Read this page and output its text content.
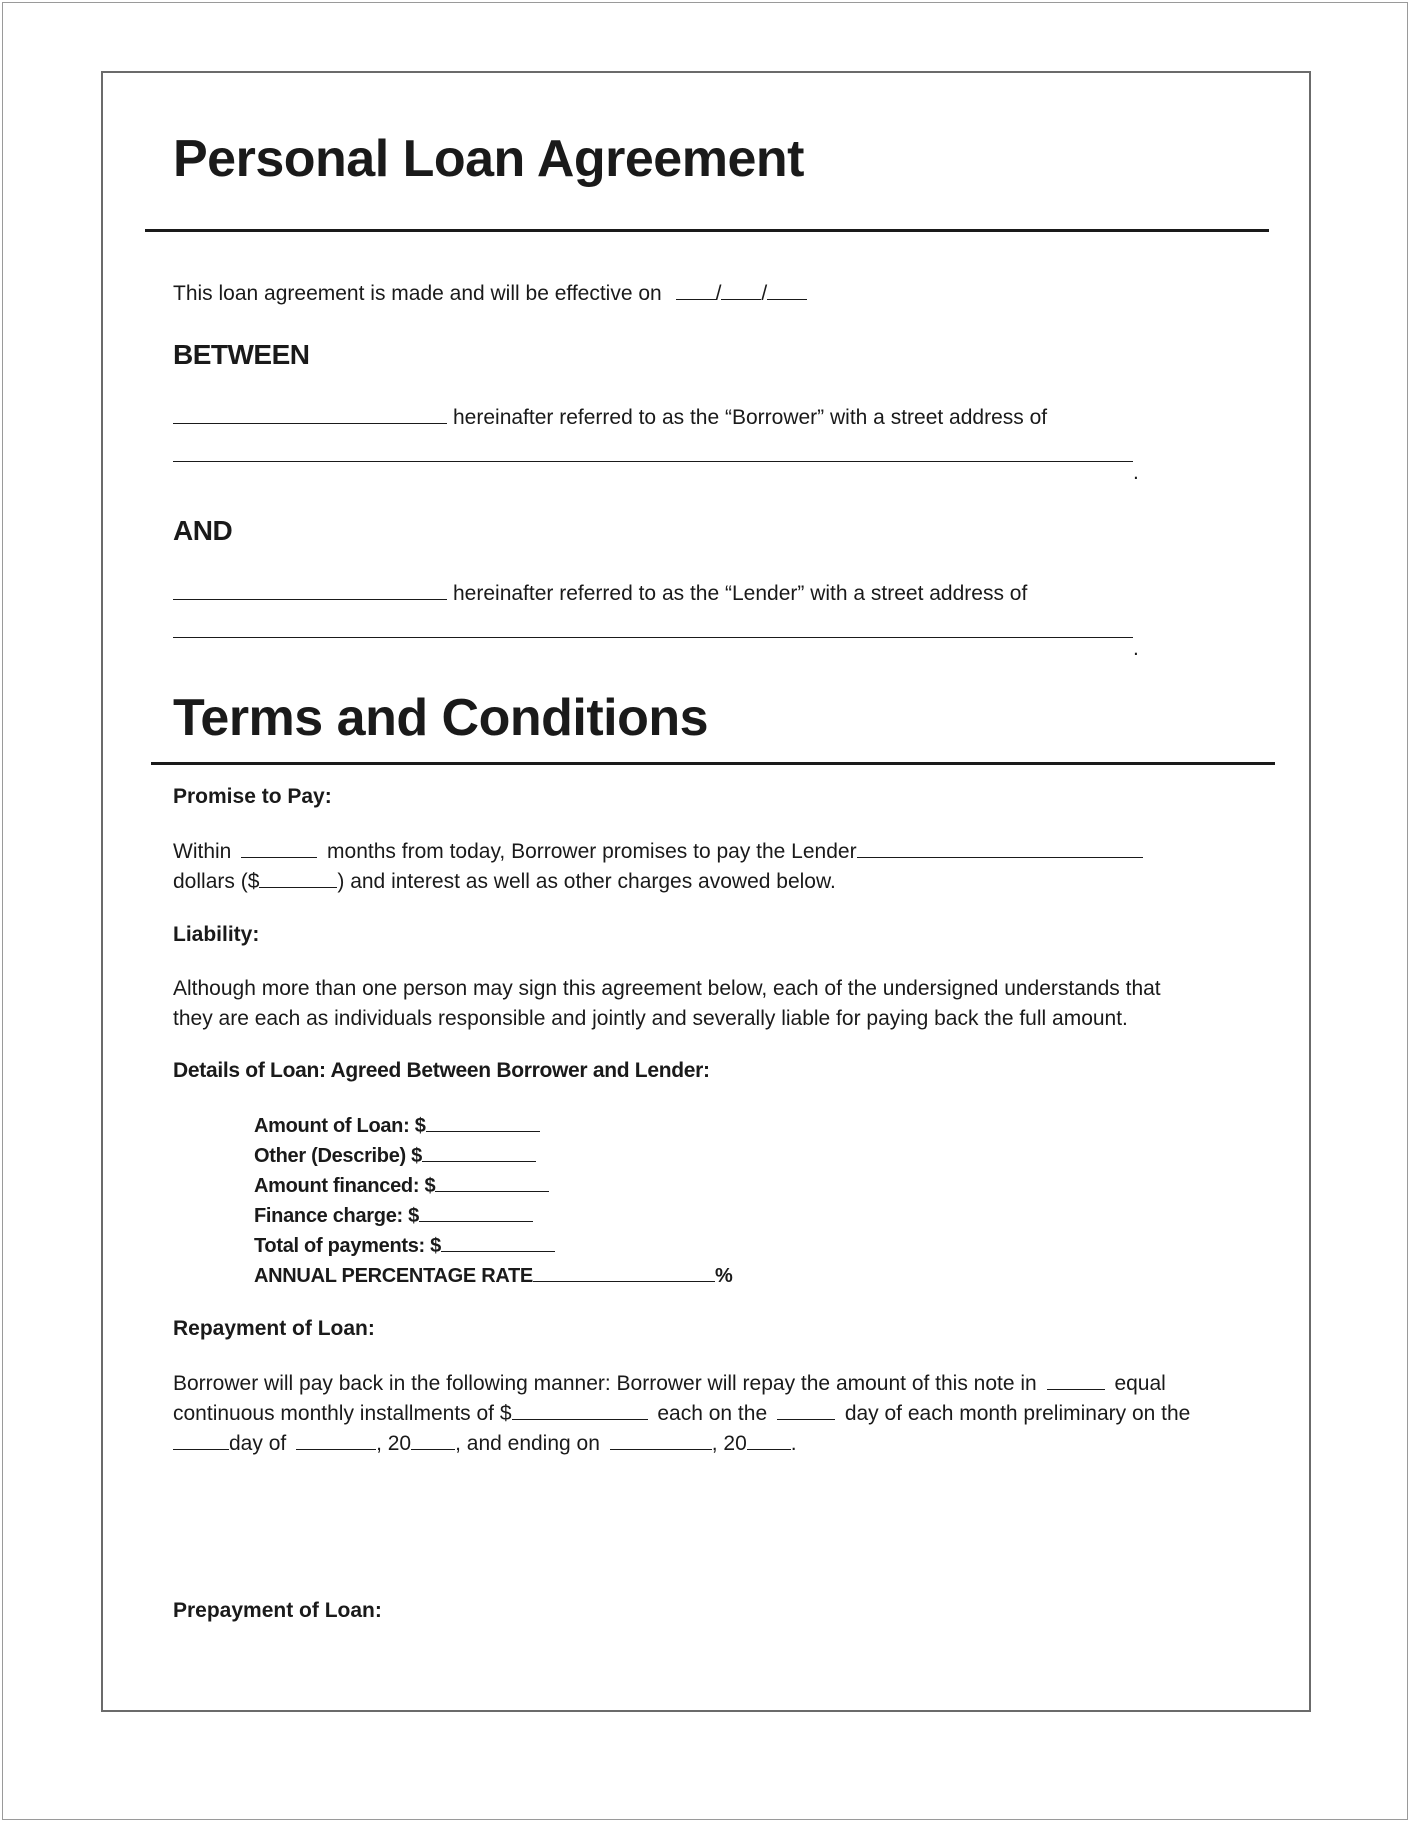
Personal Loan Agreement
This loan agreement is made and will be effective on	/ /
BETWEEN
hereinafter referred to as the “Borrower” with a street address of
.
AND
hereinafter referred to as the “Lender” with a street address of
.
Terms and Conditions
Promise to Pay:
Within	months from today, Borrower promises to pay the Lender
dollars ($	) and interest as well as other charges avowed below.
Liability:
Although more than one person may sign this agreement below, each of the undersigned understands that
they are each as individuals responsible and jointly and severally liable for paying back the full amount.
Details of Loan: Agreed Between Borrower and Lender:
Amount of Loan: $
Other (Describe) $
Amount financed: $
Finance charge: $
Total of payments: $
ANNUAL PERCENTAGE RATE	%
Repayment of Loan:
Borrower will pay back in the following manner: Borrower will repay the amount of this note in	equal
continuous monthly installments of $	each on the	day of each month preliminary on the
day of	, 20 , and ending on	, 20 .
Prepayment of Loan:
